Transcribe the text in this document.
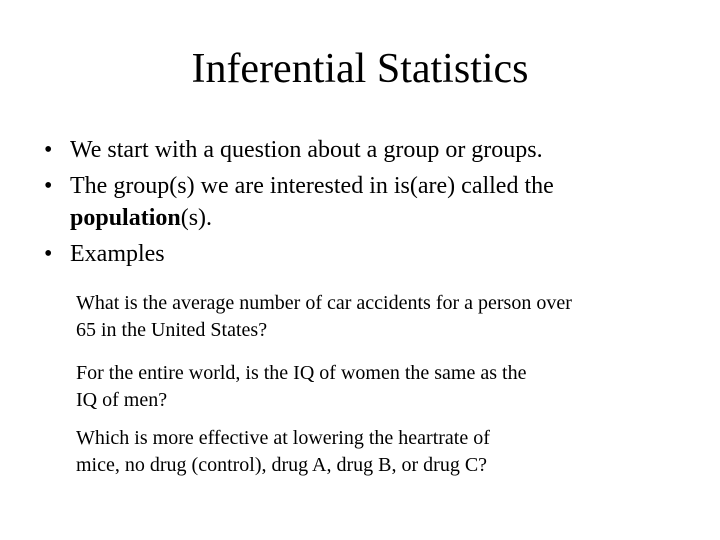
Inferential Statistics
• We start with a question about a group or groups.
• The group(s) we are interested in is(are) called the population(s).
• Examples

What is the average number of car accidents for a person over
65 in the United States?

For the entire world, is the IQ of women the same as the
IQ of men?

Which is more effective at lowering the heartrate of
mice, no drug (control), drug A, drug B, or drug C?
